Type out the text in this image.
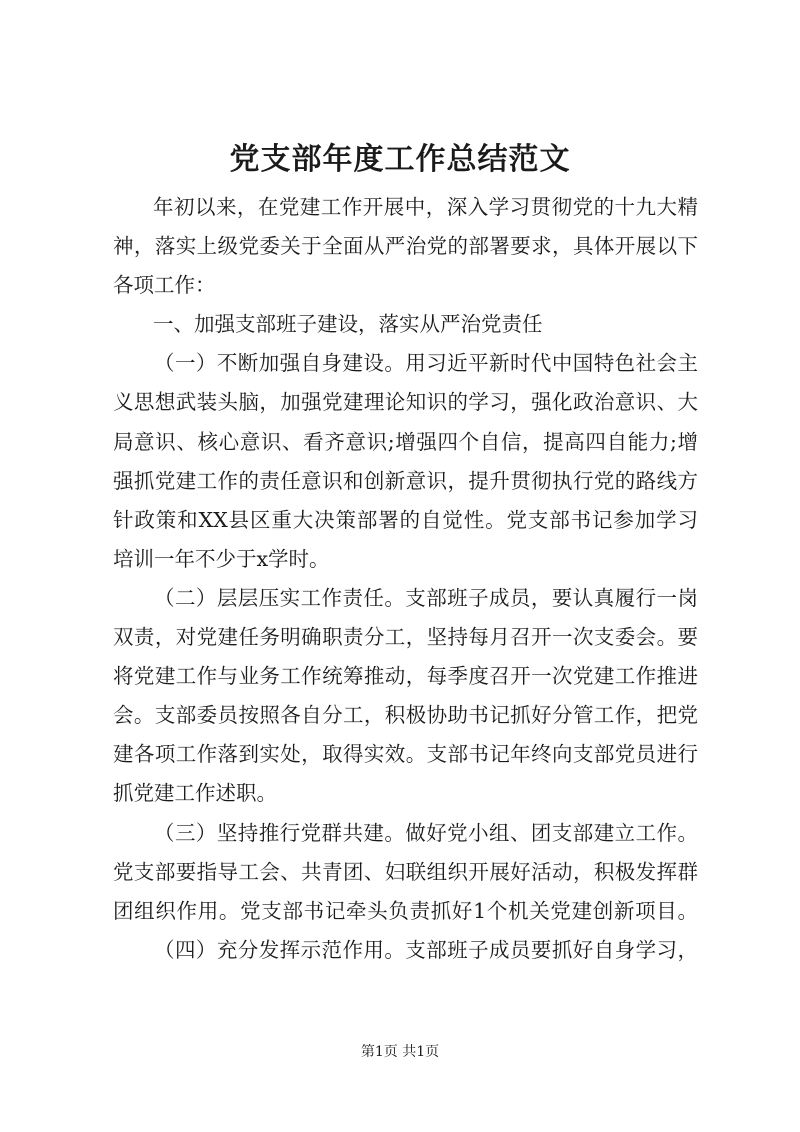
党支部年度工作总结范文
年初以来，在党建工作开展中，深入学习贯彻党的十九大精
神，落实上级党委关于全面从严治党的部署要求，具体开展以下
各项工作：
一、加强支部班子建设，落实从严治党责任
（一）不断加强自身建设。用习近平新时代中国特色社会主
义思想武装头脑，加强党建理论知识的学习，强化政治意识、大
局意识、核心意识、看齐意识;增强四个自信，提高四自能力;增
强抓党建工作的责任意识和创新意识，提升贯彻执行党的路线方
针政策和XX县区重大决策部署的自觉性。党支部书记参加学习
培训一年不少于x学时。
（二）层层压实工作责任。支部班子成员，要认真履行一岗
双责，对党建任务明确职责分工，坚持每月召开一次支委会。要
将党建工作与业务工作统筹推动，每季度召开一次党建工作推进
会。支部委员按照各自分工，积极协助书记抓好分管工作，把党
建各项工作落到实处，取得实效。支部书记年终向支部党员进行
抓党建工作述职。
（三）坚持推行党群共建。做好党小组、团支部建立工作。
党支部要指导工会、共青团、妇联组织开展好活动，积极发挥群
团组织作用。党支部书记牵头负责抓好1个机关党建创新项目。
（四）充分发挥示范作用。支部班子成员要抓好自身学习，
第1页 共1页
